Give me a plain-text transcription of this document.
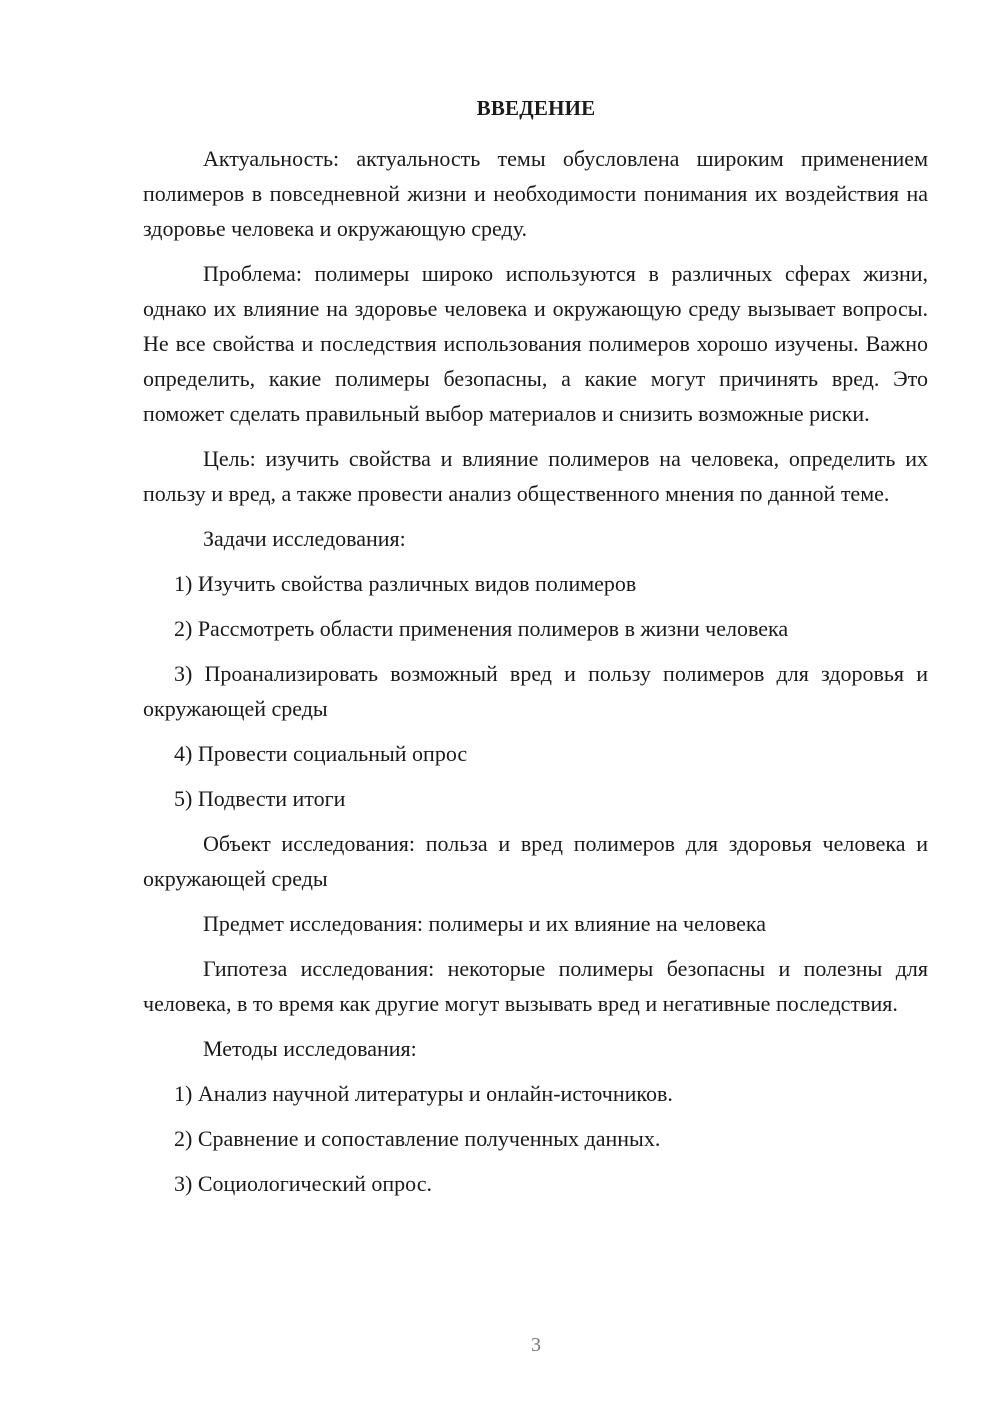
ВВЕДЕНИЕ

Актуальность: актуальность темы обусловлена широким применением полимеров в повседневной жизни и необходимости понимания их воздействия на здоровье человека и окружающую среду.

Проблема: полимеры широко используются в различных сферах жизни, однако их влияние на здоровье человека и окружающую среду вызывает вопросы. Не все свойства и последствия использования полимеров хорошо изучены. Важно определить, какие полимеры безопасны, а какие могут причинять вред. Это поможет сделать правильный выбор материалов и снизить возможные риски.

Цель: изучить свойства и влияние полимеров на человека, определить их пользу и вред, а также провести анализ общественного мнения по данной теме.

Задачи исследования:

1) Изучить свойства различных видов полимеров

2) Рассмотреть области применения полимеров в жизни человека

3) Проанализировать возможный вред и пользу полимеров для здоровья и окружающей среды

4) Провести социальный опрос

5) Подвести итоги

Объект исследования: польза и вред полимеров для здоровья человека и окружающей среды

Предмет исследования: полимеры и их влияние на человека

Гипотеза исследования: некоторые полимеры безопасны и полезны для человека, в то время как другие могут вызывать вред и негативные последствия.

Методы исследования:

1) Анализ научной литературы и онлайн-источников.

2) Сравнение и сопоставление полученных данных.

3) Социологический опрос.

3
